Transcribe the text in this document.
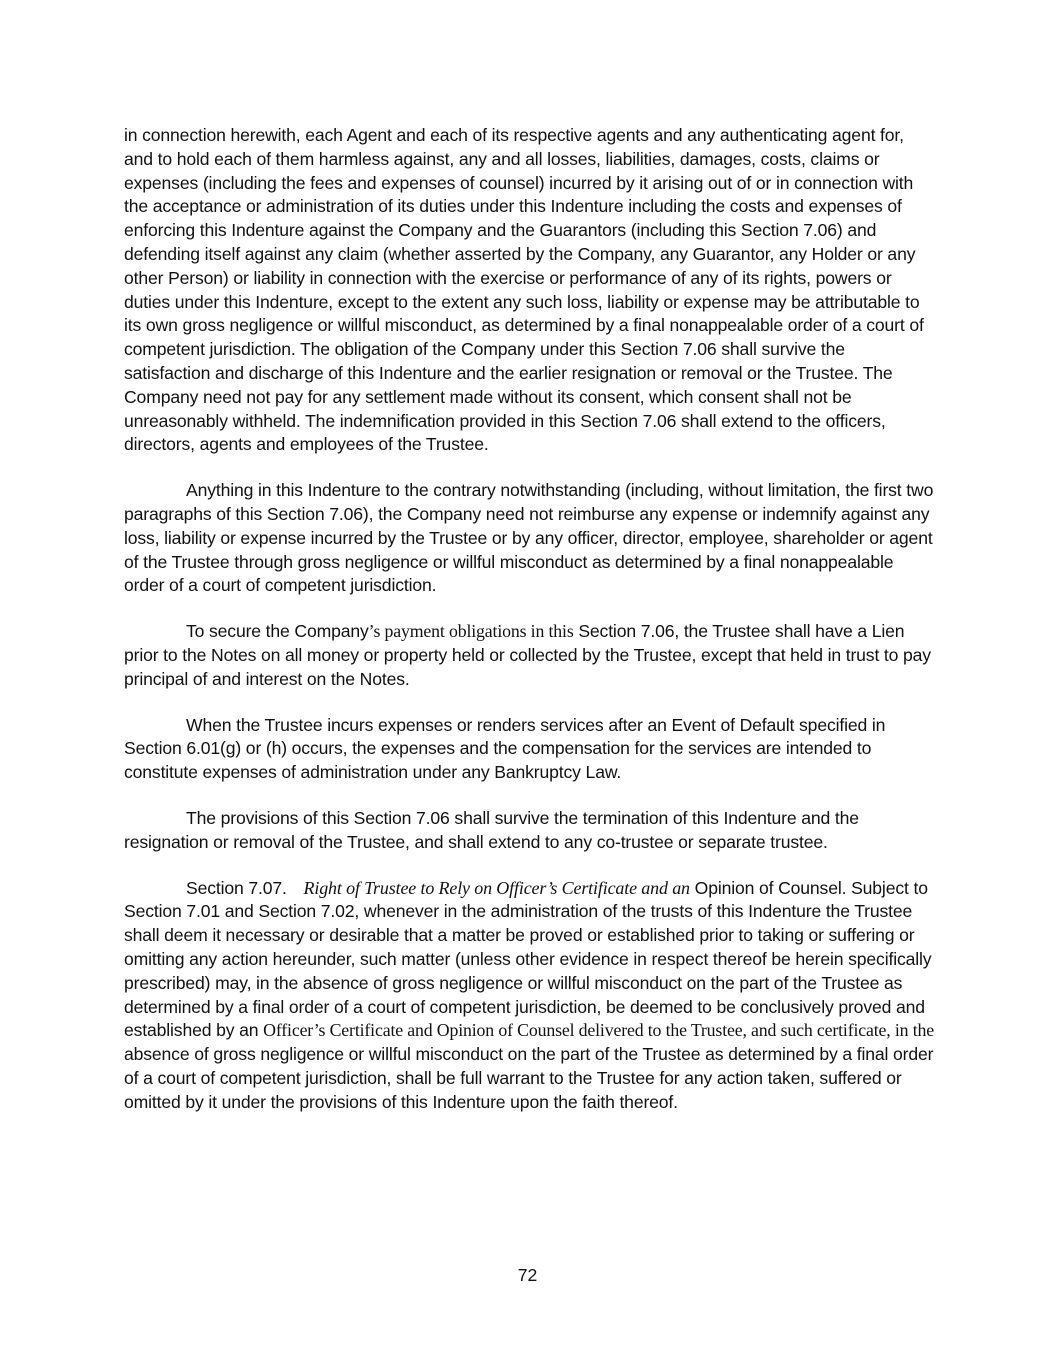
in connection herewith, each Agent and each of its respective agents and any authenticating agent for, and to hold each of them harmless against, any and all losses, liabilities, damages, costs, claims or expenses (including the fees and expenses of counsel) incurred by it arising out of or in connection with the acceptance or administration of its duties under this Indenture including the costs and expenses of enforcing this Indenture against the Company and the Guarantors (including this Section 7.06) and defending itself against any claim (whether asserted by the Company, any Guarantor, any Holder or any other Person) or liability in connection with the exercise or performance of any of its rights, powers or duties under this Indenture, except to the extent any such loss, liability or expense may be attributable to its own gross negligence or willful misconduct, as determined by a final nonappealable order of a court of competent jurisdiction. The obligation of the Company under this Section 7.06 shall survive the satisfaction and discharge of this Indenture and the earlier resignation or removal or the Trustee. The Company need not pay for any settlement made without its consent, which consent shall not be unreasonably withheld. The indemnification provided in this Section 7.06 shall extend to the officers, directors, agents and employees of the Trustee.

Anything in this Indenture to the contrary notwithstanding (including, without limitation, the first two paragraphs of this Section 7.06), the Company need not reimburse any expense or indemnify against any loss, liability or expense incurred by the Trustee or by any officer, director, employee, shareholder or agent of the Trustee through gross negligence or willful misconduct as determined by a final nonappealable order of a court of competent jurisdiction.

To secure the Company’s payment obligations in this Section 7.06, the Trustee shall have a Lien prior to the Notes on all money or property held or collected by the Trustee, except that held in trust to pay principal of and interest on the Notes.

When the Trustee incurs expenses or renders services after an Event of Default specified in Section 6.01(g) or (h) occurs, the expenses and the compensation for the services are intended to constitute expenses of administration under any Bankruptcy Law.

The provisions of this Section 7.06 shall survive the termination of this Indenture and the resignation or removal of the Trustee, and shall extend to any co-trustee or separate trustee.

Section 7.07. Right of Trustee to Rely on Officer’s Certificate and an Opinion of Counsel. Subject to Section 7.01 and Section 7.02, whenever in the administration of the trusts of this Indenture the Trustee shall deem it necessary or desirable that a matter be proved or established prior to taking or suffering or omitting any action hereunder, such matter (unless other evidence in respect thereof be herein specifically prescribed) may, in the absence of gross negligence or willful misconduct on the part of the Trustee as determined by a final order of a court of competent jurisdiction, be deemed to be conclusively proved and established by an Officer’s Certificate and Opinion of Counsel delivered to the Trustee, and such certificate, in the absence of gross negligence or willful misconduct on the part of the Trustee as determined by a final order of a court of competent jurisdiction, shall be full warrant to the Trustee for any action taken, suffered or omitted by it under the provisions of this Indenture upon the faith thereof.

72
